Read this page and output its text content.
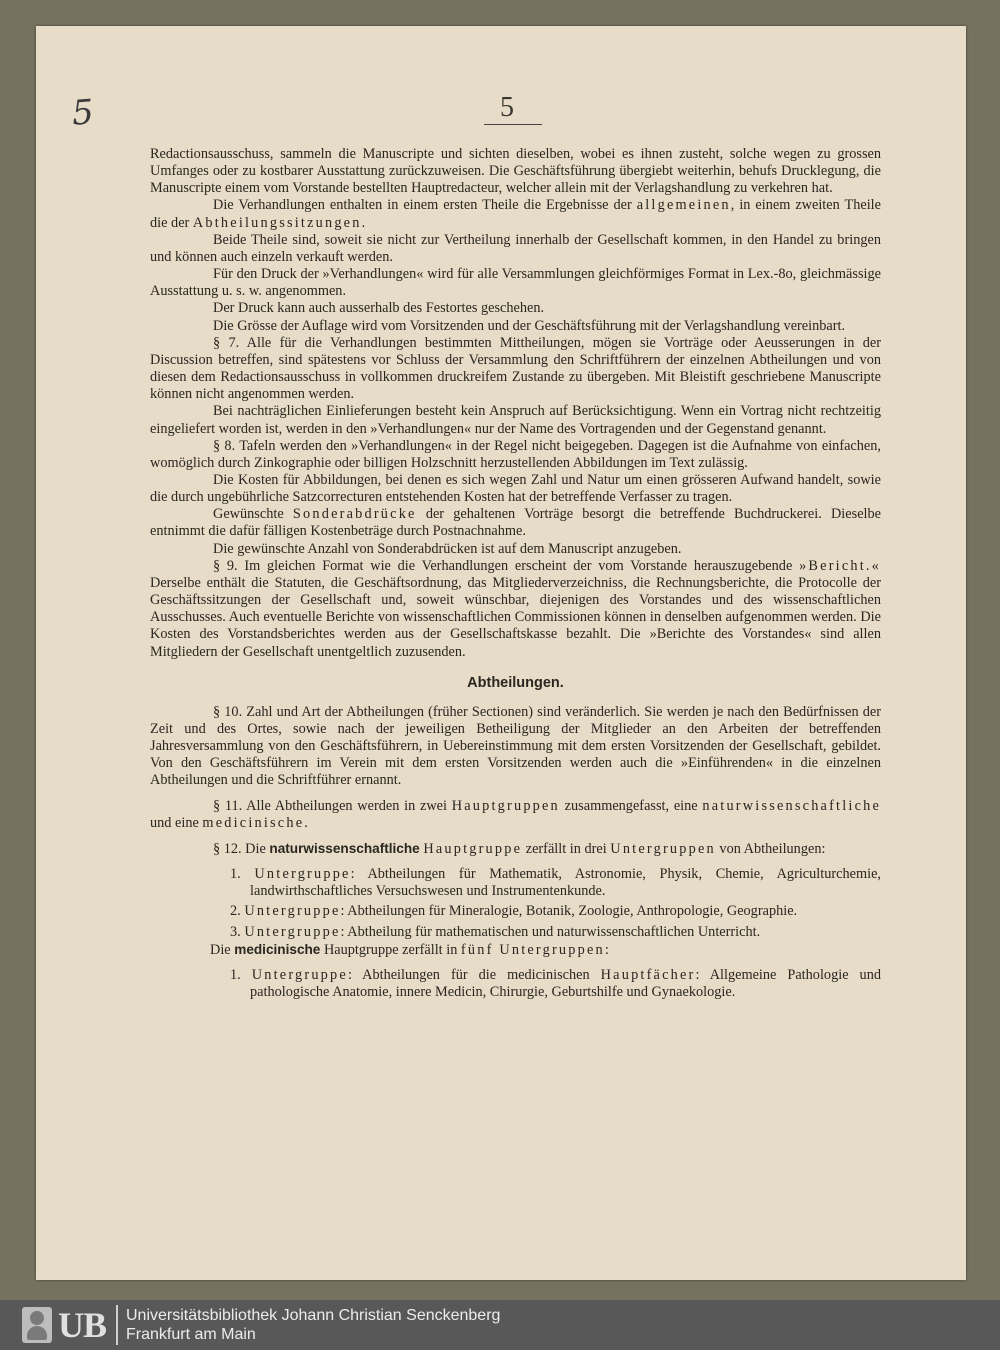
5	5

Redactionsausschuss, sammeln die Manuscripte und sichten dieselben, wobei es ihnen zusteht, solche wegen zu grossen Umfanges oder zu kostbarer Ausstattung zurückzuweisen. Die Geschäftsführung übergiebt weiterhin, behufs Drucklegung, die Manuscripte einem vom Vorstande bestellten Hauptredacteur, welcher allein mit der Verlagshandlung zu verkehren hat.

Die Verhandlungen enthalten in einem ersten Theile die Ergebnisse der allgemeinen, in einem zweiten Theile die der Abtheilungssitzungen.

Beide Theile sind, soweit sie nicht zur Vertheilung innerhalb der Gesellschaft kommen, in den Handel zu bringen und können auch einzeln verkauft werden.

Für den Druck der »Verhandlungen« wird für alle Versammlungen gleichförmiges Format in Lex.-8o, gleichmässige Ausstattung u. s. w. angenommen.

Der Druck kann auch ausserhalb des Festortes geschehen.

Die Grösse der Auflage wird vom Vorsitzenden und der Geschäftsführung mit der Verlagshandlung vereinbart.

§ 7. Alle für die Verhandlungen bestimmten Mittheilungen, mögen sie Vorträge oder Aeusserungen in der Discussion betreffen, sind spätestens vor Schluss der Versammlung den Schriftführern der einzelnen Abtheilungen und von diesen dem Redactionsausschuss in vollkommen druckreifem Zustande zu übergeben. Mit Bleistift geschriebene Manuscripte können nicht angenommen werden.

Bei nachträglichen Einlieferungen besteht kein Anspruch auf Berücksichtigung. Wenn ein Vortrag nicht rechtzeitig eingeliefert worden ist, werden in den »Verhandlungen« nur der Name des Vortragenden und der Gegenstand genannt.

§ 8. Tafeln werden den »Verhandlungen« in der Regel nicht beigegeben. Dagegen ist die Aufnahme von einfachen, womöglich durch Zinkographie oder billigen Holzschnitt herzustellenden Abbildungen im Text zulässig.

Die Kosten für Abbildungen, bei denen es sich wegen Zahl und Natur um einen grösseren Aufwand handelt, sowie die durch ungebührliche Satzcorrecturen entstehenden Kosten hat der betreffende Verfasser zu tragen.

Gewünschte Sonderabdrücke der gehaltenen Vorträge besorgt die betreffende Buchdruckerei. Dieselbe entnimmt die dafür fälligen Kostenbeträge durch Postnachnahme.

Die gewünschte Anzahl von Sonderabdrücken ist auf dem Manuscript anzugeben.

§ 9. Im gleichen Format wie die Verhandlungen erscheint der vom Vorstande herauszugebende »Bericht.« Derselbe enthält die Statuten, die Geschäftsordnung, das Mitgliederverzeichniss, die Rechnungsberichte, die Protocolle der Geschäftssitzungen der Gesellschaft und, soweit wünschbar, diejenigen des Vorstandes und des wissenschaftlichen Ausschusses. Auch eventuelle Berichte von wissenschaftlichen Commissionen können in denselben aufgenommen werden. Die Kosten des Vorstandsberichtes werden aus der Gesellschaftskasse bezahlt. Die »Berichte des Vorstandes« sind allen Mitgliedern der Gesellschaft unentgeltlich zuzusenden.

Abtheilungen.

§ 10. Zahl und Art der Abtheilungen (früher Sectionen) sind veränderlich. Sie werden je nach den Bedürfnissen der Zeit und des Ortes, sowie nach der jeweiligen Betheiligung der Mitglieder an den Arbeiten der betreffenden Jahresversammlung von den Geschäftsführern, in Uebereinstimmung mit dem ersten Vorsitzenden der Gesellschaft, gebildet. Von den Geschäftsführern im Verein mit dem ersten Vorsitzenden werden auch die »Einführenden« in die einzelnen Abtheilungen und die Schriftführer ernannt.

§ 11. Alle Abtheilungen werden in zwei Hauptgruppen zusammengefasst, eine naturwissenschaftliche und eine medicinische.

§ 12. Die naturwissenschaftliche Hauptgruppe zerfällt in drei Untergruppen von Abtheilungen:

1. Untergruppe: Abtheilungen für Mathematik, Astronomie, Physik, Chemie, Agriculturchemie, landwirthschaftliches Versuchswesen und Instrumentenkunde.

2. Untergruppe: Abtheilungen für Mineralogie, Botanik, Zoologie, Anthropologie, Geographie.

3. Untergruppe: Abtheilung für mathematischen und naturwissenschaftlichen Unterricht.

Die medicinische Hauptgruppe zerfällt in fünf Untergruppen:

1. Untergruppe: Abtheilungen für die medicinischen Hauptfächer: Allgemeine Pathologie und pathologische Anatomie, innere Medicin, Chirurgie, Geburtshilfe und Gynaekologie.

UB Universitätsbibliothek Johann Christian Senckenberg
Frankfurt am Main
